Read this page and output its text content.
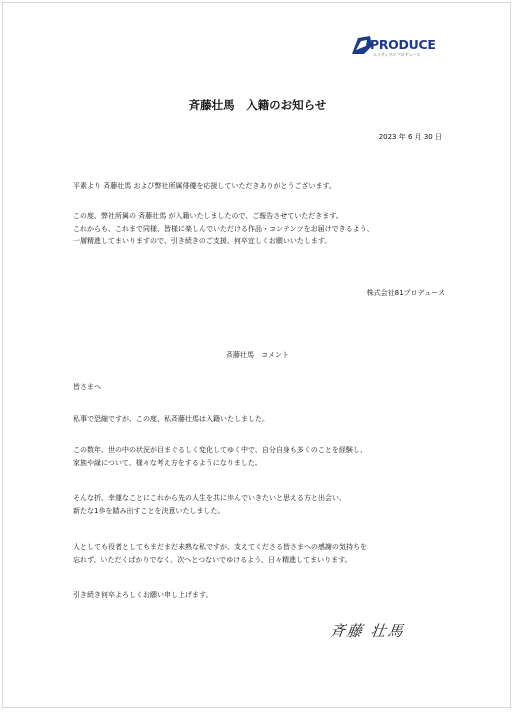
PRODUCE
エイティワンプロデュース
斉藤壮馬　入籍のお知らせ
2023 年 6 月 30 日
平素より 斉藤壮馬 および弊社所属俳優を応援していただきありがとうございます。
この度、弊社所属の 斉藤壮馬 が入籍いたしましたので、ご報告させていただきます。
これからも、これまで同様、皆様に楽しんでいただける作品・コンテンツをお届けできるよう、
一層精進してまいりますので、引き続きのご支援、何卒宜しくお願いいたします。
株式会社81プロデュース
斉藤壮馬　コメント
皆さまへ
私事で恐縮ですが、この度、私斉藤壮馬は入籍いたしました。
この数年、世の中の状況が目まぐるしく変化してゆく中で、自分自身も多くのことを経験し、
家族や縁について、様々な考え方をするようになりました。
そんな折、幸運なことにこれから先の人生を共に歩んでいきたいと思える方と出会い、
新たな1歩を踏み出すことを決意いたしました。
人としても役者としてもまだまだ未熟な私ですが、支えてくださる皆さまへの感謝の気持ちを
忘れず、いただくばかりでなく、次へとつないでゆけるよう、日々精進してまいります。
引き続き何卒よろしくお願い申し上げます。
斉藤 壮馬
